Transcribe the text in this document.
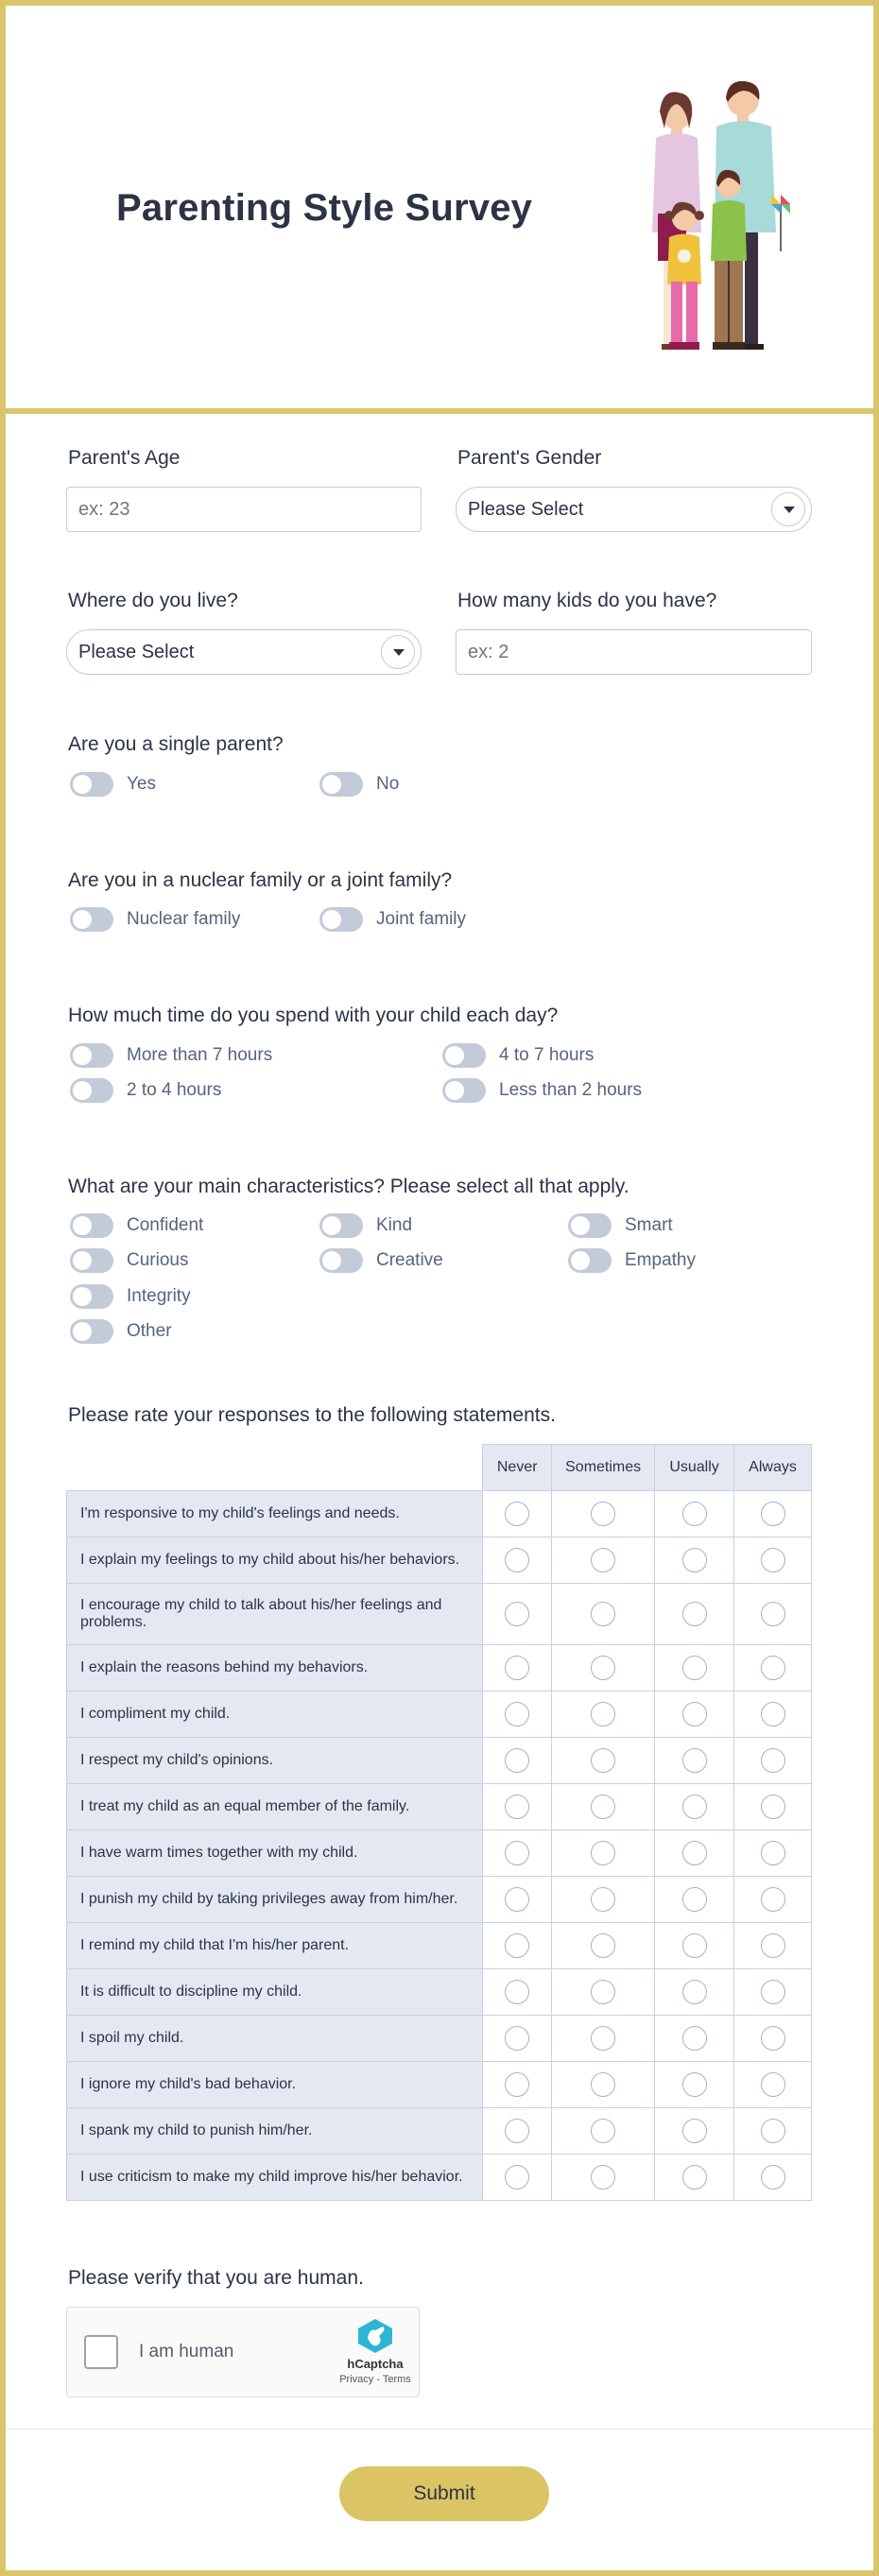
Parenting Style Survey
Parent's Age
ex: 23	Parent's Gender
Please Select
Where do you live?
Please Select
How many kids do you have?
ex: 2
Are you a single parent?
Yes	No
Are you in a nuclear family or a joint family?
Nuclear family	Joint family
How much time do you spend with your child each day?
More than 7 hours	4 to 7 hours
2 to 4 hours	Less than 2 hours
What are your main characteristics? Please select all that apply.
Confident	Kind	Smart
Curious	Creative	Empathy
Integrity
Other
Please rate your responses to the following statements.
	Never	Sometimes	Usually	Always
I'm responsive to my child's feelings and needs.				
I explain my feelings to my child about his/her behaviors.				
I encourage my child to talk about his/her feelings and problems.				
I explain the reasons behind my behaviors.				
I compliment my child.				
I respect my child's opinions.				
I treat my child as an equal member of the family.				
I have warm times together with my child.				
I punish my child by taking privileges away from him/her.				
I remind my child that I'm his/her parent.				
It is difficult to discipline my child.				
I spoil my child.				
I ignore my child's bad behavior.				
I spank my child to punish him/her.				
I use criticism to make my child improve his/her behavior.				
Please verify that you are human.
I am human
hCaptcha
Privacy - Terms
Submit
